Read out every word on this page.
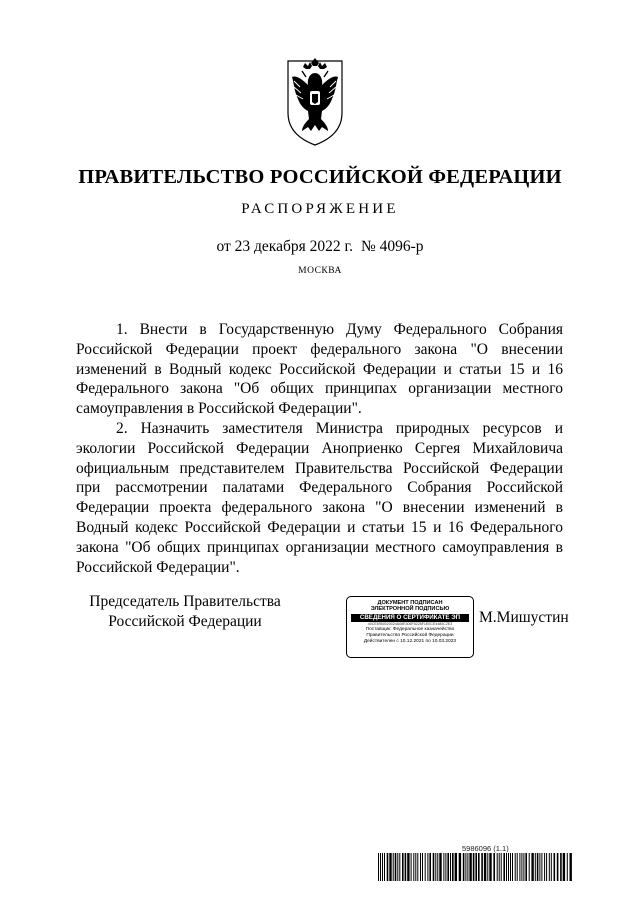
ПРАВИТЕЛЬСТВО РОССИЙСКОЙ ФЕДЕРАЦИИ
РАСПОРЯЖЕНИЕ
от 23 декабря 2022 г. № 4096-р
МОСКВА

1. Внести в Государственную Думу Федерального Собрания Российской Федерации проект федерального закона "О внесении изменений в Водный кодекс Российской Федерации и статьи 15 и 16 Федерального закона "Об общих принципах организации местного самоуправления в Российской Федерации".

2. Назначить заместителя Министра природных ресурсов и экологии Российской Федерации Аноприенко Сергея Михайловича официальным представителем Правительства Российской Федерации при рассмотрении палатами Федерального Собрания Российской Федерации проекта федерального закона "О внесении изменений в Водный кодекс Российской Федерации и статьи 15 и 16 Федерального закона "Об общих принципах организации местного самоуправления в Российской Федерации".

Председатель Правительства
Российской Федерации
ДОКУМЕНТ ПОДПИСАН
ЭЛЕКТРОННОЙ ПОДПИСЬЮ
СВЕДЕНИЯ О СЕРТИФИКАТЕ ЭП
40CE8950020024A08E306F8228F1E0CE4480C2E3
Поставщик: Федеральное казначейство
Правительство Российской Федерации
Действителен с 10.12.2021 по 10.03.2023
М.Мишустин
5986096 (1.1)
